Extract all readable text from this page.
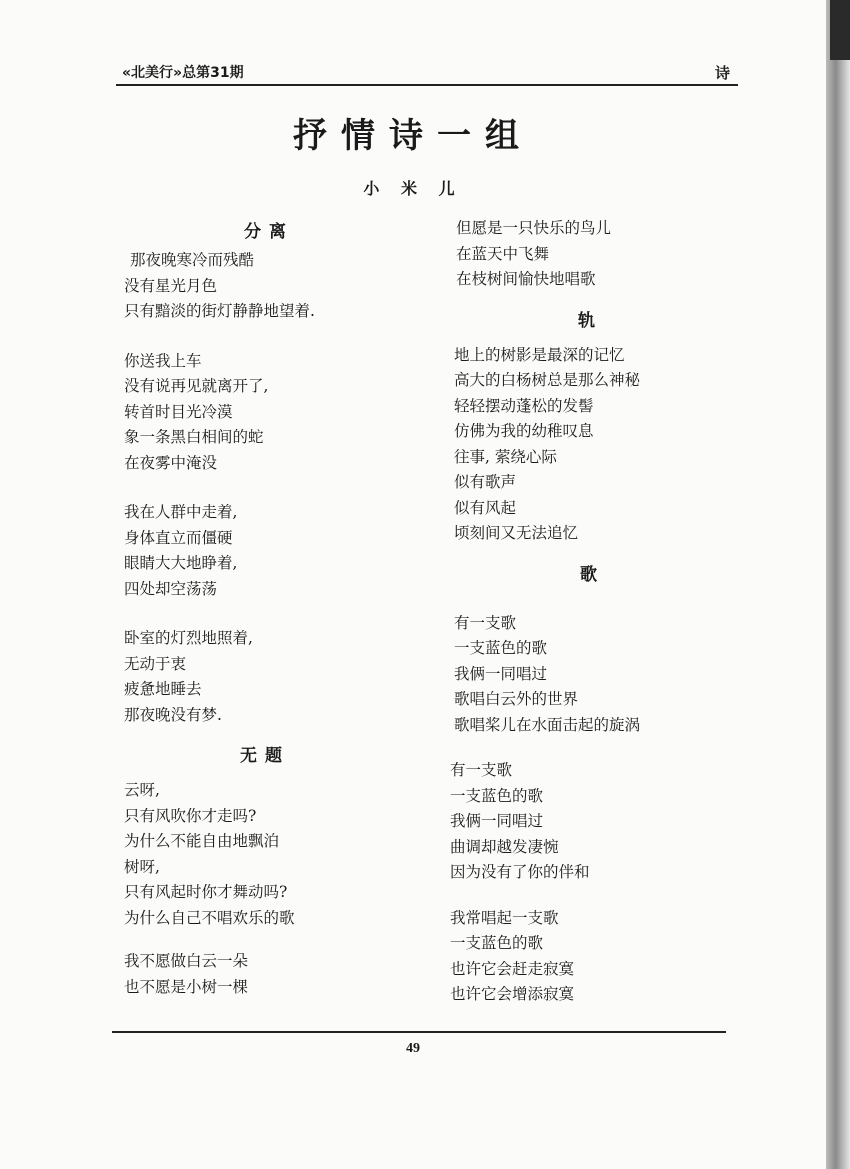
«北美行»总第31期	诗
抒情诗一组
小 米 儿
分离
那夜晚寒冷而残酷
没有星光月色
只有黯淡的街灯静静地望着.
你送我上车
没有说再见就离开了,
转首时目光冷漠
象一条黑白相间的蛇
在夜雾中淹没
我在人群中走着,
身体直立而僵硬
眼睛大大地睁着,
四处却空荡荡
卧室的灯烈地照着,
无动于衷
疲惫地睡去
那夜晚没有梦.
无题
云呀,
只有风吹你才走吗?
为什么不能自由地飘泊
树呀,
只有风起时你才舞动吗?
为什么自己不唱欢乐的歌
我不愿做白云一朵
也不愿是小树一棵
但愿是一只快乐的鸟儿
在蓝天中飞舞
在枝树间愉快地唱歌
轨
地上的树影是最深的记忆
高大的白杨树总是那么神秘
轻轻摆动蓬松的发髻
仿佛为我的幼稚叹息
往事, 萦绕心际
似有歌声
似有风起
顷刻间又无法追忆
歌
有一支歌
一支蓝色的歌
我俩一同唱过
歌唱白云外的世界
歌唱桨儿在水面击起的旋涡
有一支歌
一支蓝色的歌
我俩一同唱过
曲调却越发凄惋
因为没有了你的伴和
我常唱起一支歌
一支蓝色的歌
也许它会赶走寂寞
也许它会增添寂寞
49
